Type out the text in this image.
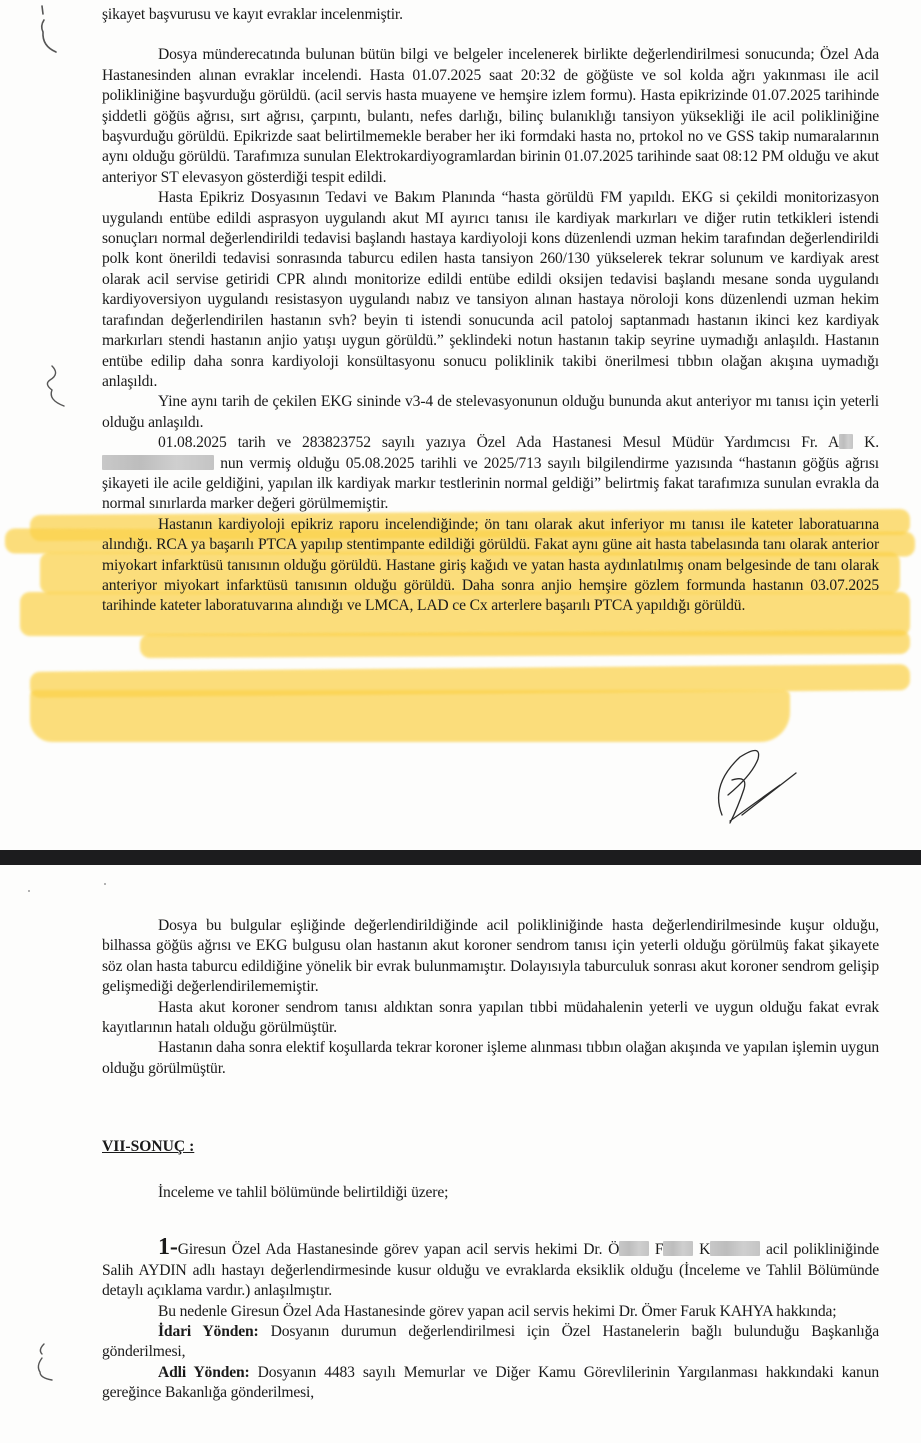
şikayet başvurusu ve kayıt evraklar incelenmiştir.
Dosya münderecatında bulunan bütün bilgi ve belgeler incelenerek birlikte değerlendirilmesi sonucunda; Özel Ada Hastanesinden alınan evraklar incelendi. Hasta 01.07.2025 saat 20:32 de göğüste ve sol kolda ağrı yakınması ile acil polikliniğine başvurduğu görüldü. (acil servis hasta muayene ve hemşire izlem formu). Hasta epikrizinde 01.07.2025 tarihinde şiddetli göğüs ağrısı, sırt ağrısı, çarpıntı, bulantı, nefes darlığı, bilinç bulanıklığı tansiyon yüksekliği ile acil polikliniğine başvurduğu görüldü. Epikrizde saat belirtilmemekle beraber her iki formdaki hasta no, prtokol no ve GSS takip numaralarının aynı olduğu görüldü. Tarafımıza sunulan Elektrokardiyogramlardan birinin 01.07.2025 tarihinde saat 08:12 PM olduğu ve akut anteriyor ST elevasyon gösterdiği tespit edildi.
Hasta Epikriz Dosyasının Tedavi ve Bakım Planında “hasta görüldü FM yapıldı. EKG si çekildi monitorizasyon uygulandı entübe edildi asprasyon uygulandı akut MI ayırıcı tanısı ile kardiyak markırları ve diğer rutin tetkikleri istendi sonuçları normal değerlendirildi tedavisi başlandı hastaya kardiyoloji kons düzenlendi uzman hekim tarafından değerlendirildi polk kont önerildi tedavisi sonrasında taburcu edilen hasta tansiyon 260/130 yükselerek tekrar solunum ve kardiyak arest olarak acil servise getiridi CPR alındı monitorize edildi entübe edildi oksijen tedavisi başlandı mesane sonda uygulandı kardiyoversiyon uygulandı resistasyon uygulandı nabız ve tansiyon alınan hastaya nöroloji kons düzenlendi uzman hekim tarafından değerlendirilen hastanın svh? beyin ti istendi sonucunda acil patoloj saptanmadı hastanın ikinci kez kardiyak markırları stendi hastanın anjio yatışı uygun görüldü.” şeklindeki notun hastanın takip seyrine uymadığı anlaşıldı. Hastanın entübe edilip daha sonra kardiyoloji konsültasyonu sonucu poliklinik takibi önerilmesi tıbbın olağan akışına uymadığı anlaşıldı.
Yine aynı tarih de çekilen EKG sininde v3-4 de stelevasyonunun olduğu bununda akut anteriyor mı tanısı için yeterli olduğu anlaşıldı.
01.08.2025 tarih ve 283823752 sayılı yazıya Özel Ada Hastanesi Mesul Müdür Yardımcısı Fr. A K. nun vermiş olduğu 05.08.2025 tarihli ve 2025/713 sayılı bilgilendirme yazısında “hastanın göğüs ağrısı şikayeti ile acile geldiğini, yapılan ilk kardiyak markır testlerinin normal geldiği” belirtmiş fakat tarafımıza sunulan evrakla da normal sınırlarda marker değeri görülmemiştir.
Hastanın kardiyoloji epikriz raporu incelendiğinde; ön tanı olarak akut inferiyor mı tanısı ile kateter laboratuarına alındığı. RCA ya başarılı PTCA yapılıp stentimpante edildiği görüldü. Fakat aynı güne ait hasta tabelasında tanı olarak anterior miyokart infarktüsü tanısının olduğu görüldü. Hastane giriş kağıdı ve yatan hasta aydınlatılmış onam belgesinde de tanı olarak anteriyor miyokart infarktüsü tanısının olduğu görüldü. Daha sonra anjio hemşire gözlem formunda hastanın 03.07.2025 tarihinde kateter laboratuvarına alındığı ve LMCA, LAD ce Cx arterlere başarılı PTCA yapıldığı görüldü.
Dosya bu bulgular eşliğinde değerlendirildiğinde acil polikliniğinde hasta değerlendirilmesinde kuşur olduğu, bilhassa göğüs ağrısı ve EKG bulgusu olan hastanın akut koroner sendrom tanısı için yeterli olduğu görülmüş fakat şikayete söz olan hasta taburcu edildiğine yönelik bir evrak bulunmamıştır. Dolayısıyla taburculuk sonrası akut koroner sendrom gelişip gelişmediği değerlendirilememiştir.
Hasta akut koroner sendrom tanısı aldıktan sonra yapılan tıbbi müdahalenin yeterli ve uygun olduğu fakat evrak kayıtlarının hatalı olduğu görülmüştür.
Hastanın daha sonra elektif koşullarda tekrar koroner işleme alınması tıbbın olağan akışında ve yapılan işlemin uygun olduğu görülmüştür.
VII-SONUÇ :
İnceleme ve tahlil bölümünde belirtildiği üzere;
1-Giresun Özel Ada Hastanesinde görev yapan acil servis hekimi Dr. Ö F K	acil polikliniğinde Salih AYDIN adlı hastayı değerlendirmesinde kusur olduğu ve evraklarda eksiklik olduğu (İnceleme ve Tahlil Bölümünde detaylı açıklama vardır.) anlaşılmıştır.
Bu nedenle Giresun Özel Ada Hastanesinde görev yapan acil servis hekimi Dr. Ömer Faruk KAHYA hakkında;
İdari Yönden: Dosyanın durumun değerlendirilmesi için Özel Hastanelerin bağlı bulunduğu Başkanlığa gönderilmesi,
Adli Yönden: Dosyanın 4483 sayılı Memurlar ve Diğer Kamu Görevlilerinin Yargılanması hakkındaki kanun gereğince Bakanlığa gönderilmesi,
